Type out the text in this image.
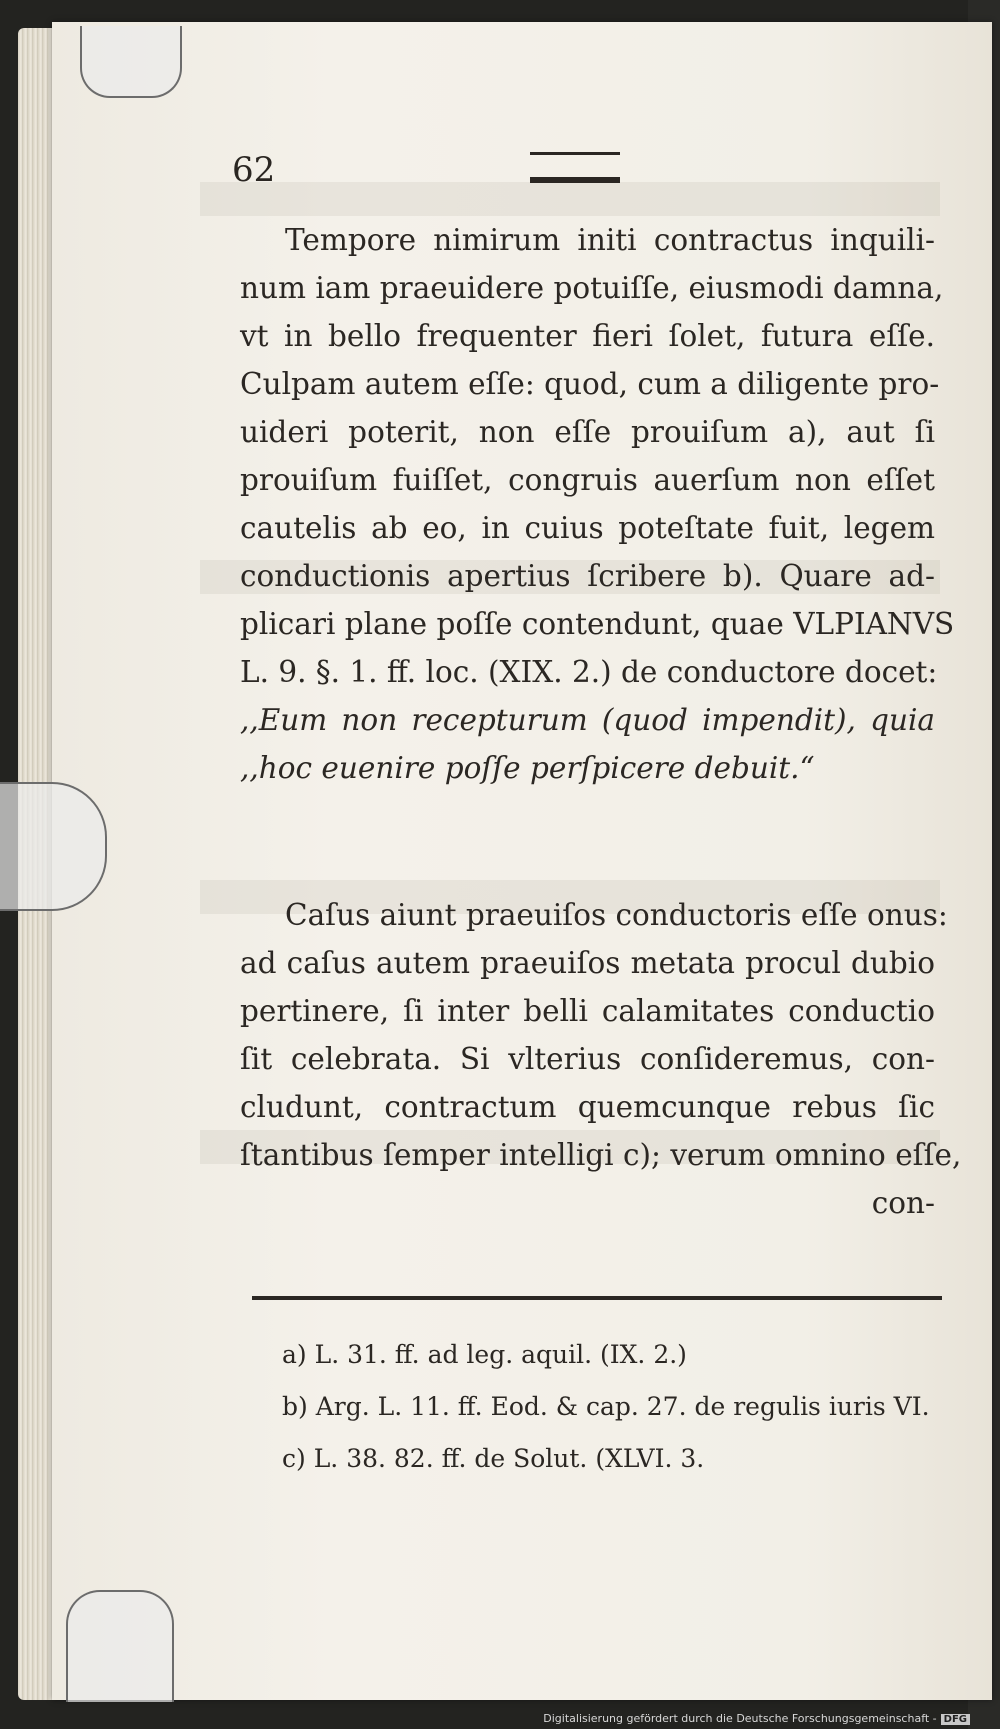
62
Tempore nimirum initi contractus inquili-
num iam praeuidere potuiſſe, eiusmodi damna,
vt in bello frequenter fieri ſolet, futura eſſe.
Culpam autem eſſe: quod, cum a diligente pro-
uideri poterit, non eſſe prouiſum a), aut ſi
prouiſum fuiſſet, congruis auerſum non eſſet
cautelis ab eo, in cuius poteſtate fuit, legem
conductionis apertius ſcribere b). Quare ad-
plicari plane poſſe contendunt, quae VLPIANVS
L. 9. §. 1. ff. loc. (XIX. 2.) de conductore docet:
,,Eum non recepturum (quod impendit), quia
,,hoc euenire poſſe perſpicere debuit.“
Caſus aiunt praeuiſos conductoris eſſe onus:
ad caſus autem praeuiſos metata procul dubio
pertinere, ſi inter belli calamitates conductio
ſit celebrata. Si vlterius conſideremus, con-
cludunt, contractum quemcunque rebus ſic
ſtantibus ſemper intelligi c); verum omnino eſſe,
con-
a) L. 31. ff. ad leg. aquil. (IX. 2.)
b) Arg. L. 11. ff. Eod. & cap. 27. de regulis iuris VI.
c) L. 38. 82. ff. de Solut. (XLVI. 3.
Digitalisierung gefördert durch die Deutsche Forschungsgemeinschaft - DFG
